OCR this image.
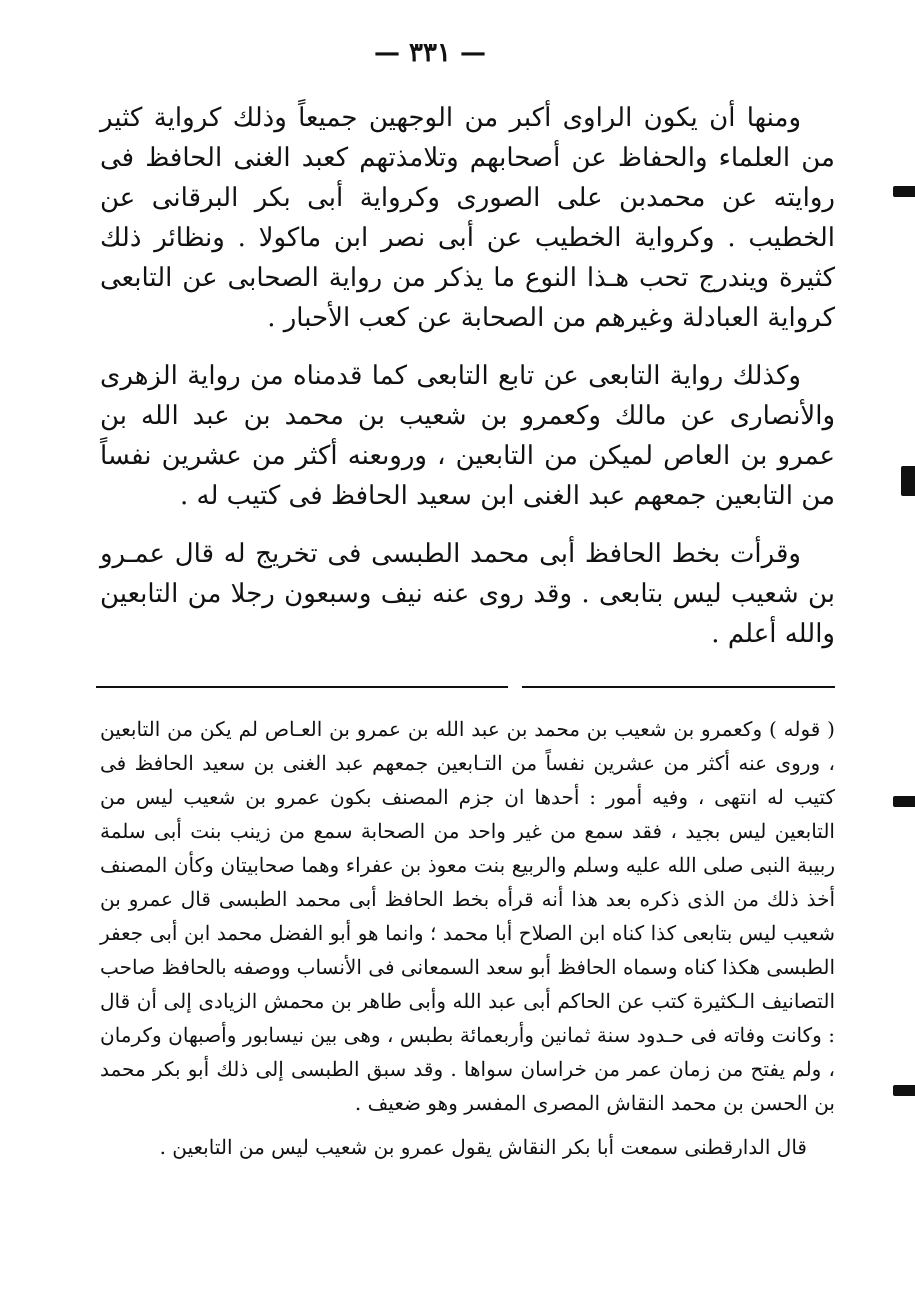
— ٣٣١ —

ومنها أن يكون الراوى أكبر من الوجهين جميعاً وذلك كرواية كثير من العلماء والحفاظ عن أصحابهم وتلامذتهم كعبد الغنى الحافظ فى روايته عن محمدبن على الصورى وكرواية أبى بكر البرقانى عن الخطيب . وكرواية الخطيب عن أبى نصر ابن ماكولا . ونظائر ذلك كثيرة ويندرج تحب هـذا النوع ما يذكر من رواية الصحابى عن التابعى كرواية العبادلة وغيرهم من الصحابة عن كعب الأحبار .

وكذلك رواية التابعى عن تابع التابعى كما قدمناه من رواية الزهرى والأنصارى عن مالك وكعمرو بن شعيب بن محمد بن عبد الله بن عمرو بن العاص لميكن من التابعين ، وروىعنه أكثر من عشرين نفساً من التابعين جمعهم عبد الغنى ابن سعيد الحافظ فى كتيب له .

وقرأت بخط الحافظ أبى محمد الطبسى فى تخريج له قال عمـرو بن شعيب ليس بتابعى . وقد روى عنه نيف وسبعون رجلا من التابعين والله أعلم .

( قوله ) وكعمرو بن شعيب بن محمد بن عبد الله بن عمرو بن العـاص لم يكن من التابعين ، وروى عنه أكثر من عشرين نفساً من التـابعين جمعهم عبد الغنى بن سعيد الحافظ فى كتيب له انتهى ، وفيه أمور : أحدها ان جزم المصنف بكون عمرو بن شعيب ليس من التابعين ليس بجيد ، فقد سمع من غير واحد من الصحابة سمع من زينب بنت أبى سلمة ربيبة النبى صلى الله عليه وسلم والربيع بنت معوذ بن عفراء وهما صحابيتان وكأن المصنف أخذ ذلك من الذى ذكره بعد هذا أنه قرأه بخط الحافظ أبى محمد الطبسى قال عمرو بن شعيب ليس بتابعى كذا كناه ابن الصلاح أبا محمد ؛ وانما هو أبو الفضل محمد ابن أبى جعفر الطبسى هكذا كناه وسماه الحافظ أبو سعد السمعانى فى الأنساب ووصفه بالحافظ صاحب التصانيف الـكثيرة كتب عن الحاكم أبى عبد الله وأبى طاهر بن محمش الزيادى إلى أن قال : وكانت وفاته فى حـدود سنة ثمانين وأربعمائة بطبس ، وهى بين نيسابور وأصبهان وكرمان ، ولم يفتح من زمان عمر من خراسان سواها . وقد سبق الطبسى إلى ذلك أبو بكر محمد بن الحسن بن محمد النقاش المصرى المفسر وهو ضعيف .

قال الدارقطنى سمعت أبا بكر النقاش يقول عمرو بن شعيب ليس من التابعين .
